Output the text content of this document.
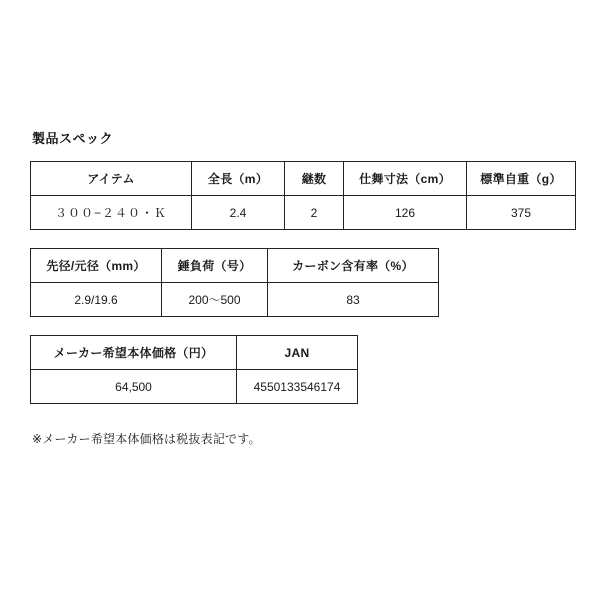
製品スペック
アイテム	全長（m）	継数	仕舞寸法（cm）	標準自重（g）
３００−２４０・Ｋ	2.4	2	126	375
先径/元径（mm）	錘負荷（号）	カーボン含有率（%）
2.9/19.6	200〜500	83
メーカー希望本体価格（円）	JAN
64,500	4550133546174
※メーカー希望本体価格は税抜表記です。
